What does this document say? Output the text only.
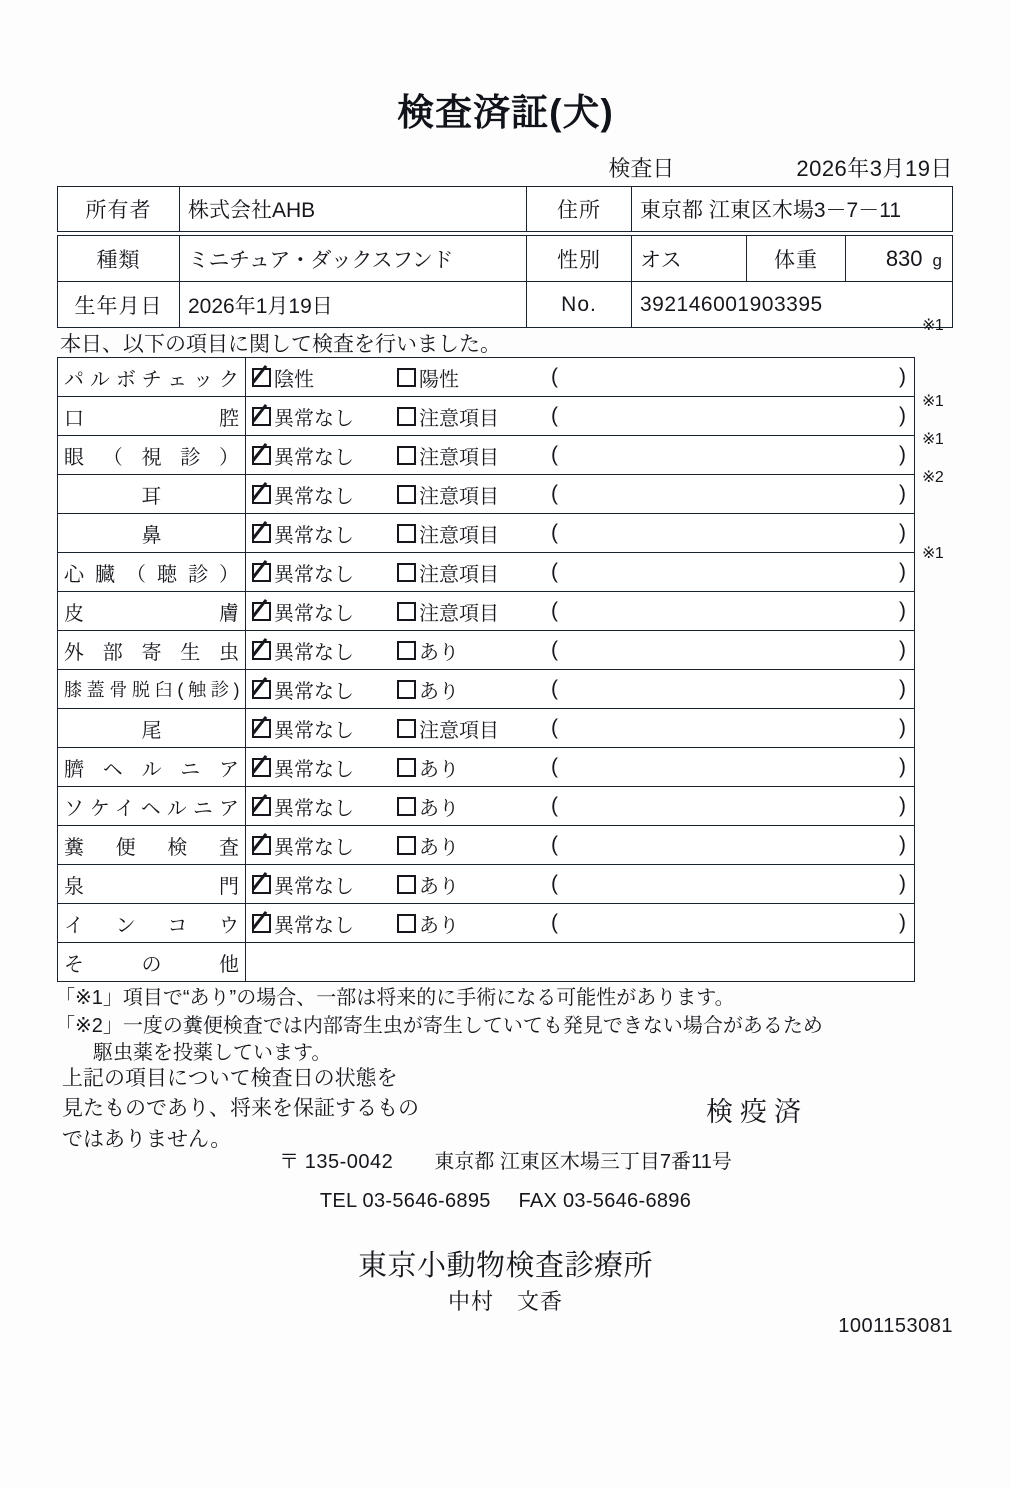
検査済証(犬)
検査日	2026年3月19日
所有者	株式会社AHB	住所	東京都 江東区木場3－7－11
種類	ミニチュア・ダックスフンド	性別	オス	体重	830 g
生年月日	2026年1月19日	No.	392146001903395		
本日、以下の項目に関して検査を行いました。
パルボチェック	陰性 陽性 ( )

口腔	異常なし 注意項目 ( )

眼（視診）	異常なし 注意項目 ( )

耳	異常なし 注意項目 ( )

鼻	異常なし 注意項目 ( )

心臓（聴診）	異常なし 注意項目 ( )

皮膚	異常なし 注意項目 ( )

外部寄生虫	異常なし あり ( )

膝蓋骨脱臼(触診)	異常なし あり ( )

尾	異常なし 注意項目 ( )

臍ヘルニア	異常なし あり ( )

ソケイヘルニア	異常なし あり ( )

糞便検査	異常なし あり ( )

泉門	異常なし あり ( )

インコウ	異常なし あり ( )

その他	
※1
※1
※1
※2
※1
「※1」項目で“あり”の場合、一部は将来的に手術になる可能性があります。
「※2」一度の糞便検査では内部寄生虫が寄生していても発見できない場合があるため
駆虫薬を投薬しています。
上記の項目について検査日の状態を
見たものであり、将来を保証するもの
ではありません。
検疫済
〒 135-0042 東京都 江東区木場三丁目7番11号
TEL 03-5646-6895 FAX 03-5646-6896
東京小動物検査診療所
中村　文香
1001153081
